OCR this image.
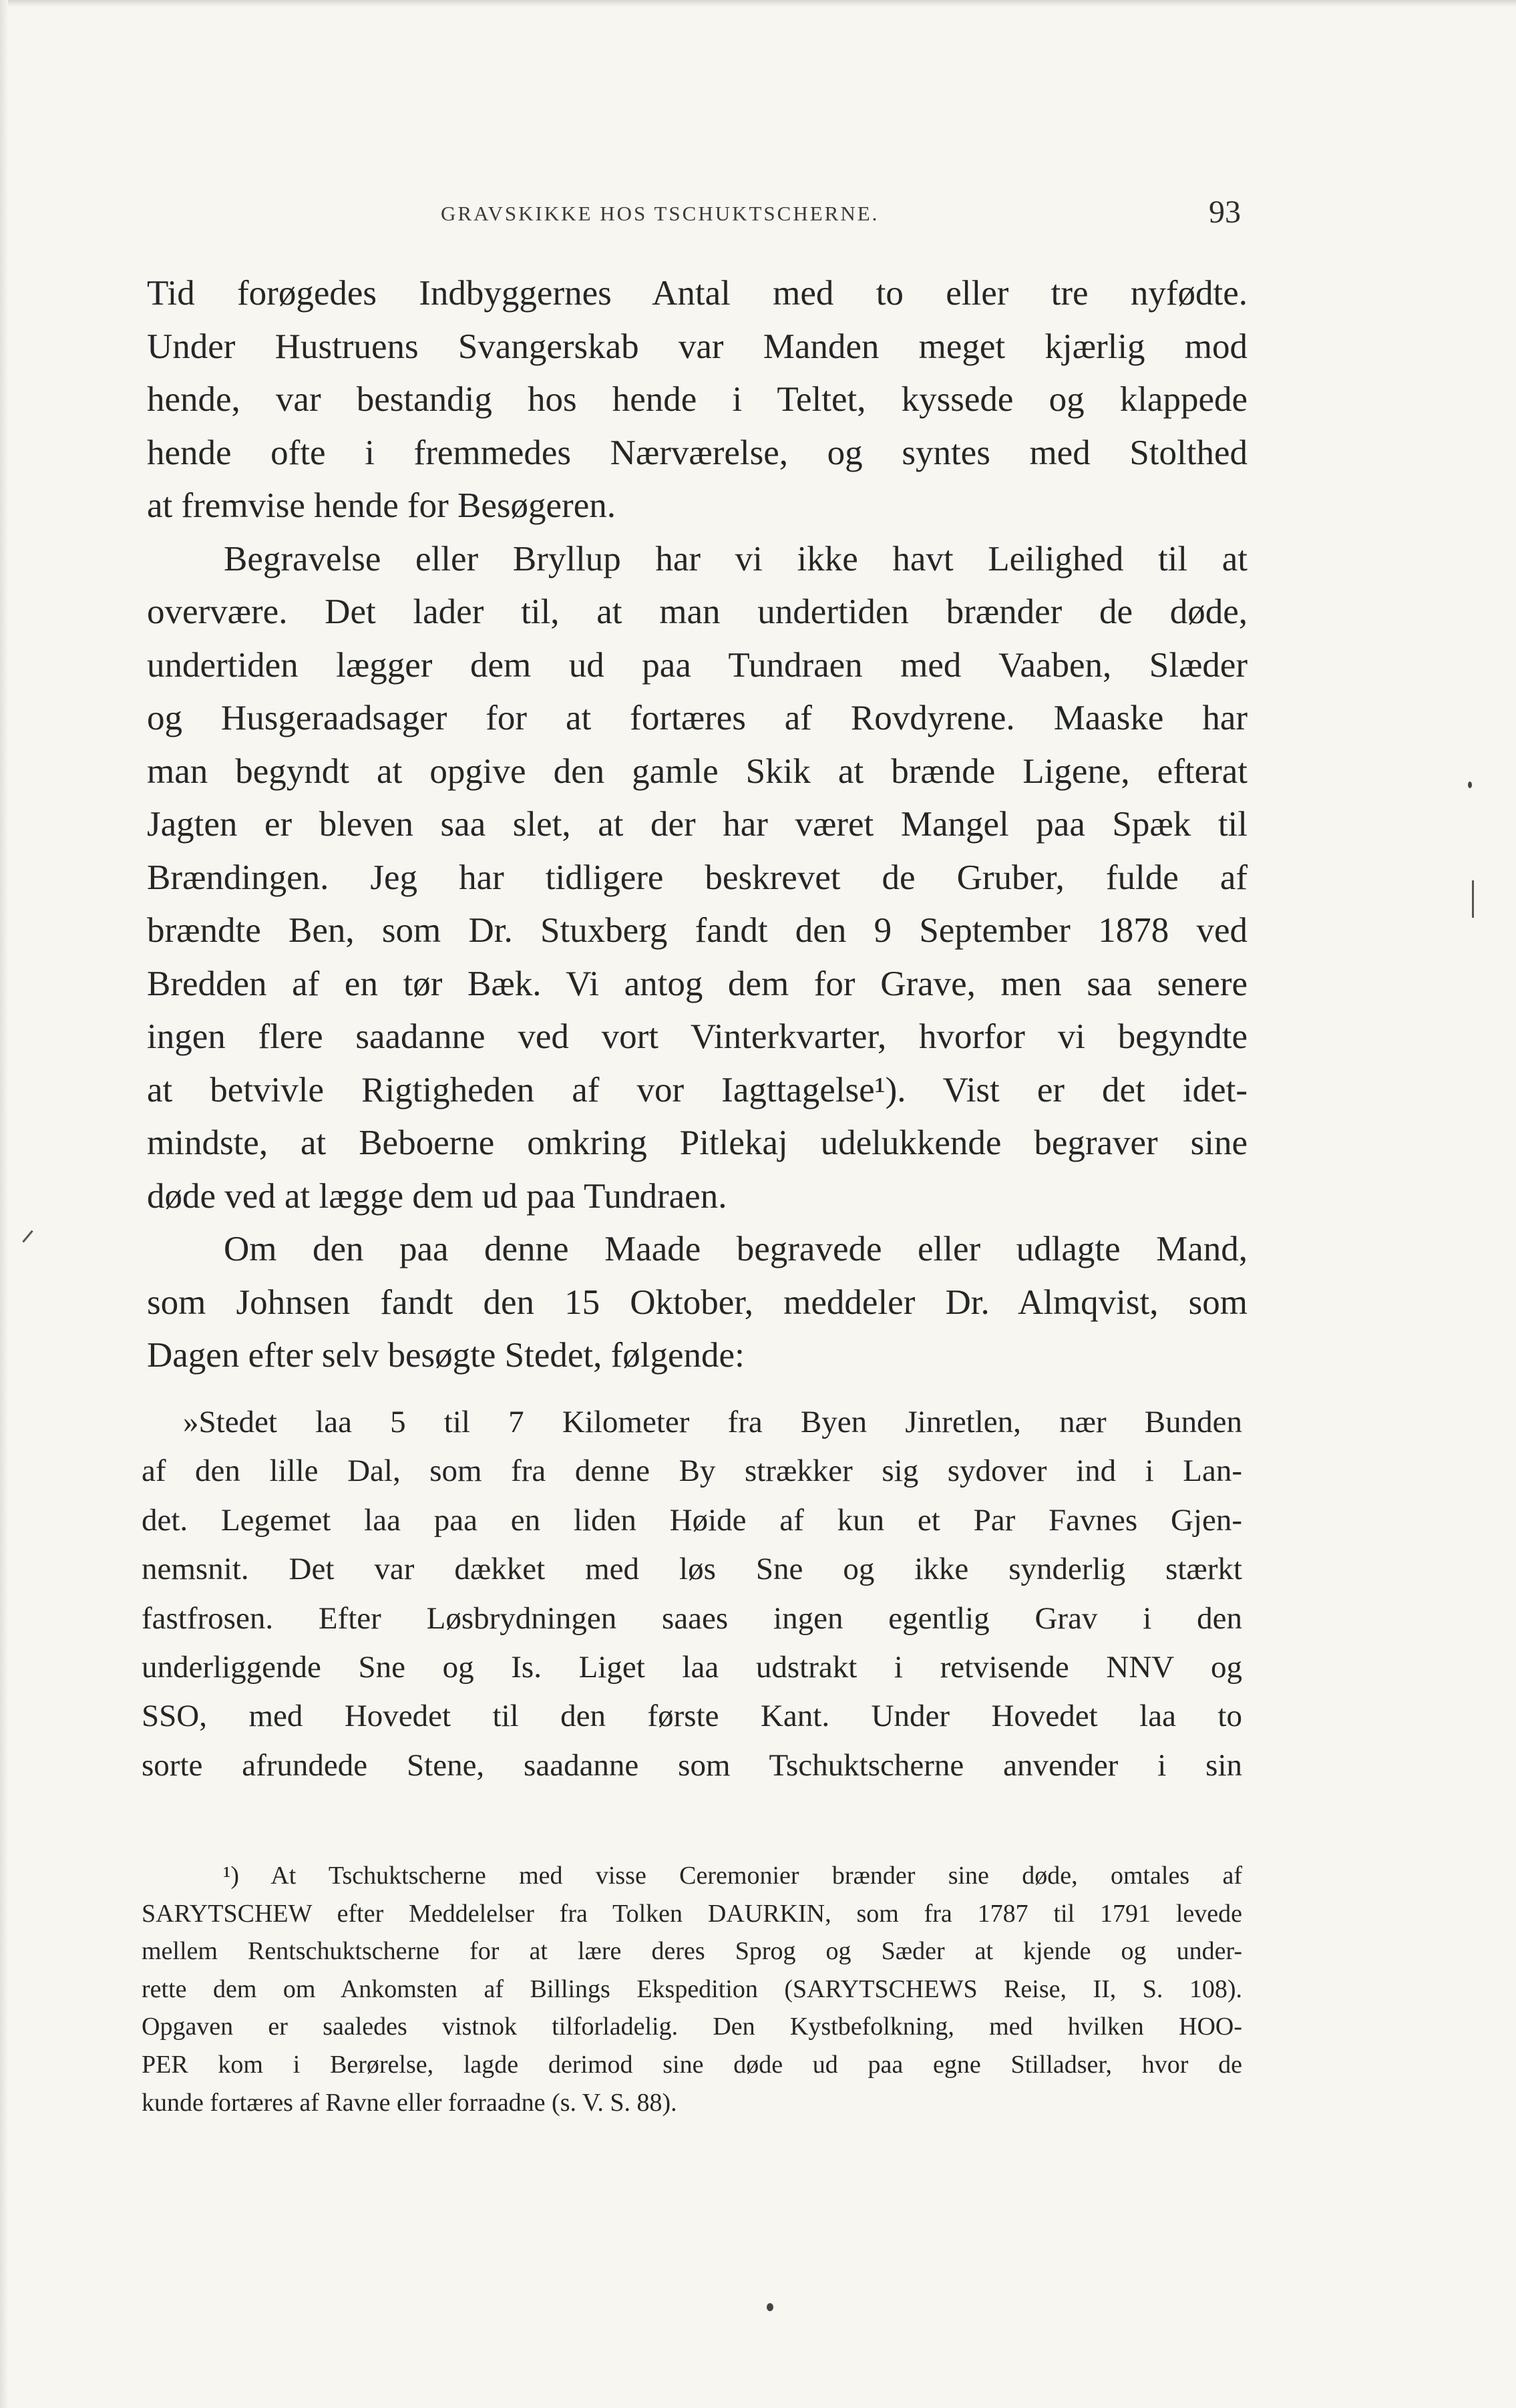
GRAVSKIKKE HOS TSCHUKTSCHERNE.	93
Tid forøgedes Indbyggernes Antal med to eller tre nyfødte.
Under Hustruens Svangerskab var Manden meget kjærlig mod
hende, var bestandig hos hende i Teltet, kyssede og klappede
hende ofte i fremmedes Nærværelse, og syntes med Stolthed
at fremvise hende for Besøgeren.
Begravelse eller Bryllup har vi ikke havt Leilighed til at
overvære. Det lader til, at man undertiden brænder de døde,
undertiden lægger dem ud paa Tundraen med Vaaben, Slæder
og Husgeraadsager for at fortæres af Rovdyrene. Maaske har
man begyndt at opgive den gamle Skik at brænde Ligene, efterat
Jagten er bleven saa slet, at der har været Mangel paa Spæk til
Brændingen. Jeg har tidligere beskrevet de Gruber, fulde af
brændte Ben, som Dr. Stuxberg fandt den 9 September 1878 ved
Bredden af en tør Bæk. Vi antog dem for Grave, men saa senere
ingen flere saadanne ved vort Vinterkvarter, hvorfor vi begyndte
at betvivle Rigtigheden af vor Iagttagelse¹). Vist er det idet-
mindste, at Beboerne omkring Pitlekaj udelukkende begraver sine
døde ved at lægge dem ud paa Tundraen.
Om den paa denne Maade begravede eller udlagte Mand,
som Johnsen fandt den 15 Oktober, meddeler Dr. Almqvist, som
Dagen efter selv besøgte Stedet, følgende:
»Stedet laa 5 til 7 Kilometer fra Byen Jinretlen, nær Bunden
af den lille Dal, som fra denne By strækker sig sydover ind i Lan-
det. Legemet laa paa en liden Høide af kun et Par Favnes Gjen-
nemsnit. Det var dækket med løs Sne og ikke synderlig stærkt
fastfrosen. Efter Løsbrydningen saaes ingen egentlig Grav i den
underliggende Sne og Is. Liget laa udstrakt i retvisende NNV og
SSO, med Hovedet til den første Kant. Under Hovedet laa to
sorte afrundede Stene, saadanne som Tschuktscherne anvender i sin
¹) At Tschuktscherne med visse Ceremonier brænder sine døde, omtales af
SARYTSCHEW efter Meddelelser fra Tolken DAURKIN, som fra 1787 til 1791 levede
mellem Rentschuktscherne for at lære deres Sprog og Sæder at kjende og under-
rette dem om Ankomsten af Billings Ekspedition (SARYTSCHEWS Reise, II, S. 108).
Opgaven er saaledes vistnok tilforladelig. Den Kystbefolkning, med hvilken HOO-
PER kom i Berørelse, lagde derimod sine døde ud paa egne Stilladser, hvor de
kunde fortæres af Ravne eller forraadne (s. V. S. 88).
